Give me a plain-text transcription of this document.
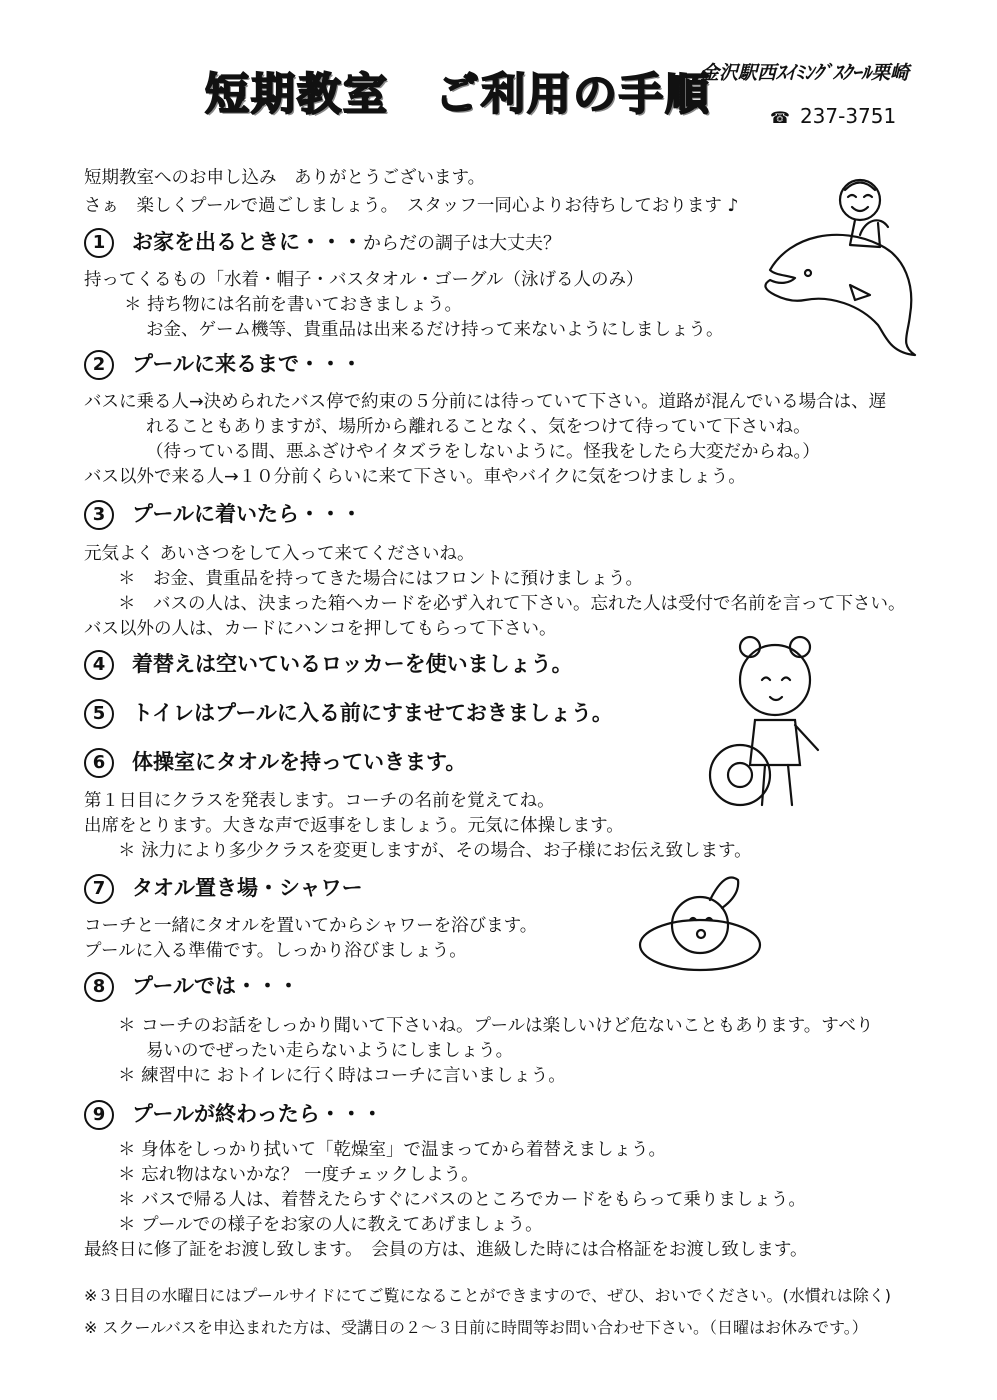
短期教室　ご利用の手順
金沢駅西ｽｲﾐﾝｸﾞｽｸｰﾙ栗崎
☎ 237-3751
短期教室へのお申し込み　ありがとうございます。
さぁ　楽しくプールで過ごしましょう。　スタッフ一同心よりお待ちしております ♪
1 お家を出るときに・・・からだの調子は大丈夫？
持ってくるもの「水着・帽子・バスタオル・ゴーグル（泳げる人のみ）
＊ 持ち物には名前を書いておきましょう。
お金、ゲーム機等、貴重品は出来るだけ持って来ないようにしましょう。
2 プールに来るまで・・・
バスに乗る人→決められたバス停で約束の５分前には待っていて下さい。道路が混んでいる場合は、遅
れることもありますが、場所から離れることなく、気をつけて待っていて下さいね。
（待っている間、悪ふざけやイタズラをしないように。怪我をしたら大変だからね。）
バス以外で来る人→１０分前くらいに来て下さい。車やバイクに気をつけましょう。
3 プールに着いたら・・・
元気よく あいさつをして入って来てくださいね。
＊　お金、貴重品を持ってきた場合にはフロントに預けましょう。
＊　バスの人は、決まった箱へカードを必ず入れて下さい。忘れた人は受付で名前を言って下さい。
バス以外の人は、カードにハンコを押してもらって下さい。
4 着替えは空いているロッカーを使いましょう。
5 トイレはプールに入る前にすませておきましょう。
6 体操室にタオルを持っていきます。
第１日目にクラスを発表します。コーチの名前を覚えてね。
出席をとります。大きな声で返事をしましょう。元気に体操します。
＊ 泳力により多少クラスを変更しますが、その場合、お子様にお伝え致します。
7 タオル置き場・シャワー
コーチと一緒にタオルを置いてからシャワーを浴びます。
プールに入る準備です。しっかり浴びましょう。
8 プールでは・・・
＊ コーチのお話をしっかり聞いて下さいね。プールは楽しいけど危ないこともあります。すべり
易いのでぜったい走らないようにしましょう。
＊ 練習中に おトイレに行く時はコーチに言いましょう。
9 プールが終わったら・・・
＊ 身体をしっかり拭いて「乾燥室」で温まってから着替えましょう。
＊ 忘れ物はないかな？ 一度チェックしよう。
＊ バスで帰る人は、着替えたらすぐにバスのところでカードをもらって乗りましょう。
＊ プールでの様子をお家の人に教えてあげましょう。
最終日に修了証をお渡し致します。　会員の方は、進級した時には合格証をお渡し致します。
※３日目の水曜日にはプールサイドにてご覧になることができますので、ぜひ、おいでください。(水慣れは除く)
※ スクールバスを申込まれた方は、受講日の２～３日前に時間等お問い合わせ下さい。（日曜はお休みです。）
